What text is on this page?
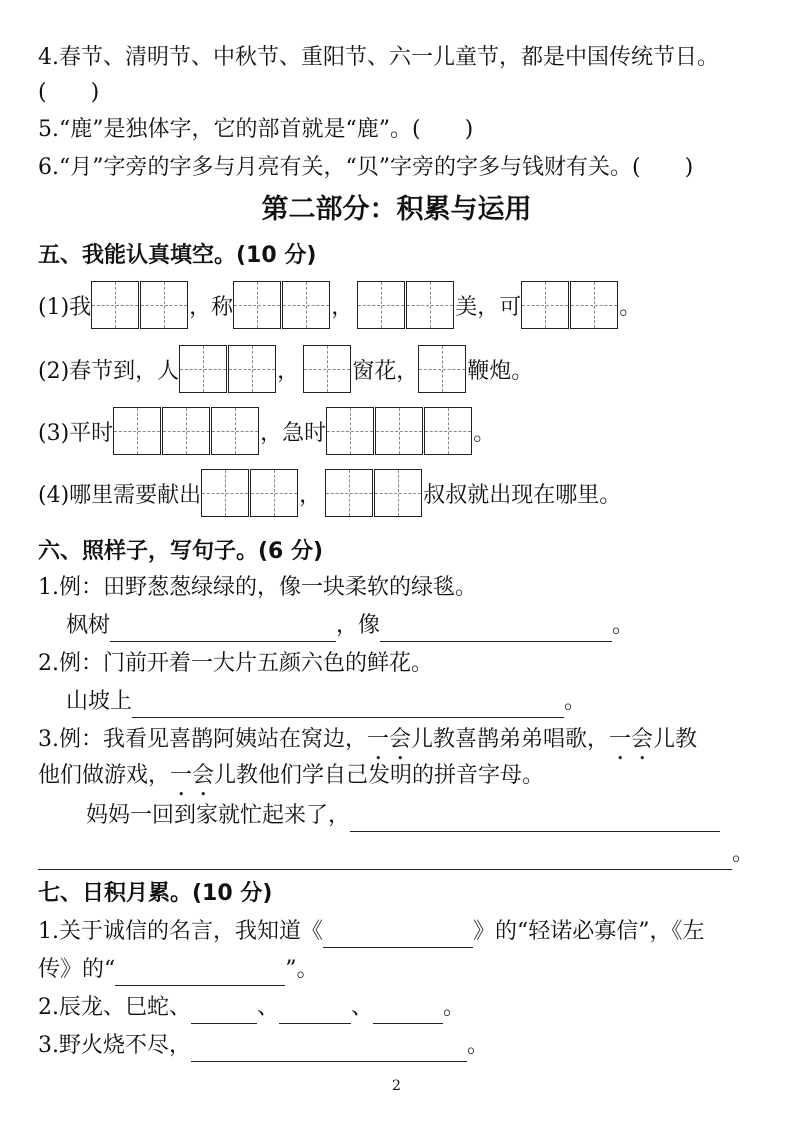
4.春节、清明节、中秋节、重阳节、六一儿童节，都是中国传统节日。
(　　)
5.“鹿”是独体字，它的部首就是“鹿”。(　　)
6.“月”字旁的字多与月亮有关，“贝”字旁的字多与钱财有关。(　　)
第二部分：积累与运用
五、我能认真填空。(10 分)
(1)我	，称	，	美，可	。
(2)春节到，人	， 窗花， 鞭炮。
(3)平时	，急时	。
(4)哪里需要献出	，	叔叔就出现在哪里。
六、照样子，写句子。(6 分)
1.例：田野葱葱绿绿的，像一块柔软的绿毯。
枫树	，像	。
2.例：门前开着一大片五颜六色的鲜花。
山坡上	。
3.例：我看见喜鹊阿姨站在窝边，一会儿教喜鹊弟弟唱歌，一会儿教
他们做游戏，一会儿教他们学自己发明的拼音字母。
妈妈一回到家就忙起来了，
。
七、日积月累。(10 分)
1.关于诚信的名言，我知道《	》的“轻诺必寡信”，《左
传》的“	”。
2.辰龙、巳蛇、	、	、	。
3.野火烧不尽，	。
2
